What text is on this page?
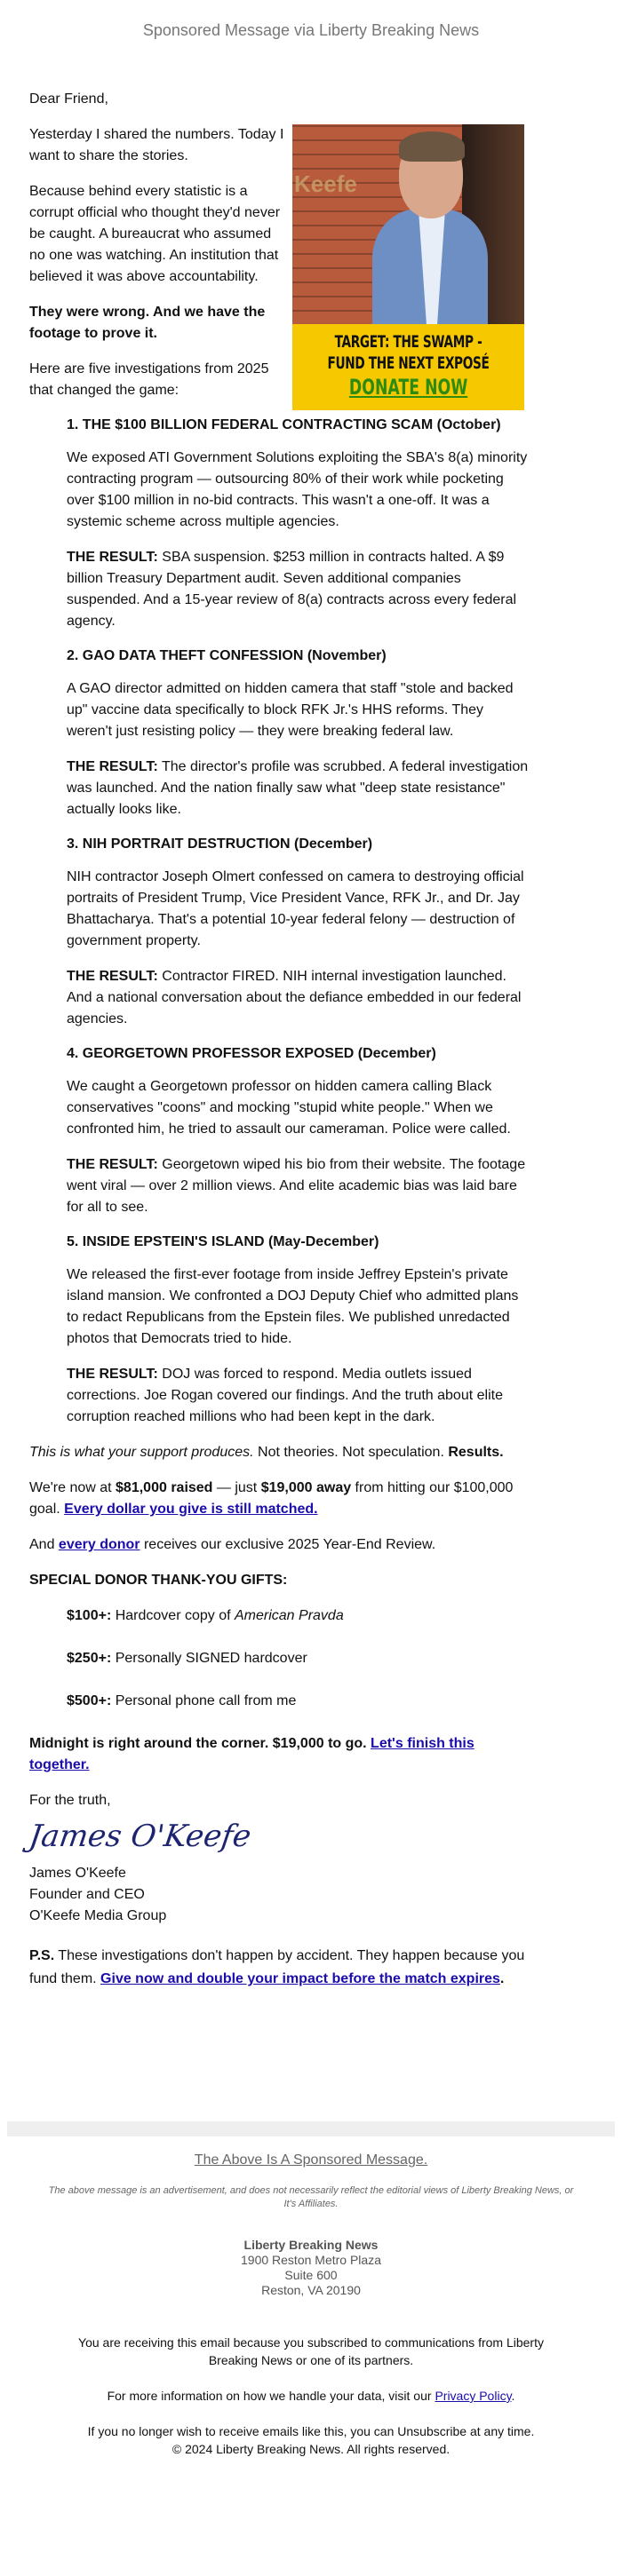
Sponsored Message via Liberty Breaking News

Dear Friend,

Keefe
TARGET: THE SWAMP - FUND THE NEXT EXPOSÉ
DONATE NOW

Yesterday I shared the numbers. Today I want to share the stories.

Because behind every statistic is a corrupt official who thought they'd never be caught. A bureaucrat who assumed no one was watching. An institution that believed it was above accountability.

They were wrong. And we have the footage to prove it.

Here are five investigations from 2025 that changed the game:

1. THE $100 BILLION FEDERAL CONTRACTING SCAM (October)

We exposed ATI Government Solutions exploiting the SBA's 8(a) minority contracting program — outsourcing 80% of their work while pocketing over $100 million in no-bid contracts. This wasn't a one-off. It was a systemic scheme across multiple agencies.

THE RESULT: SBA suspension. $253 million in contracts halted. A $9 billion Treasury Department audit. Seven additional companies suspended. And a 15-year review of 8(a) contracts across every federal agency.

2. GAO DATA THEFT CONFESSION (November)

A GAO director admitted on hidden camera that staff "stole and backed up" vaccine data specifically to block RFK Jr.'s HHS reforms. They weren't just resisting policy — they were breaking federal law.

THE RESULT: The director's profile was scrubbed. A federal investigation was launched. And the nation finally saw what "deep state resistance" actually looks like.

3. NIH PORTRAIT DESTRUCTION (December)

NIH contractor Joseph Olmert confessed on camera to destroying official portraits of President Trump, Vice President Vance, RFK Jr., and Dr. Jay Bhattacharya. That's a potential 10-year federal felony — destruction of government property.

THE RESULT: Contractor FIRED. NIH internal investigation launched. And a national conversation about the defiance embedded in our federal agencies.

4. GEORGETOWN PROFESSOR EXPOSED (December)

We caught a Georgetown professor on hidden camera calling Black conservatives "coons" and mocking "stupid white people." When we confronted him, he tried to assault our cameraman. Police were called.

THE RESULT: Georgetown wiped his bio from their website. The footage went viral — over 2 million views. And elite academic bias was laid bare for all to see.

5. INSIDE EPSTEIN'S ISLAND (May-December)

We released the first-ever footage from inside Jeffrey Epstein's private island mansion. We confronted a DOJ Deputy Chief who admitted plans to redact Republicans from the Epstein files. We published unredacted photos that Democrats tried to hide.

THE RESULT: DOJ was forced to respond. Media outlets issued corrections. Joe Rogan covered our findings. And the truth about elite corruption reached millions who had been kept in the dark.

This is what your support produces. Not theories. Not speculation. Results.

We're now at $81,000 raised — just $19,000 away from hitting our $100,000 goal. Every dollar you give is still matched.

And every donor receives our exclusive 2025 Year-End Review.

SPECIAL DONOR THANK-YOU GIFTS:

$100+: Hardcover copy of American Pravda
$250+: Personally SIGNED hardcover
$500+: Personal phone call from me

Midnight is right around the corner. $19,000 to go. Let's finish this together.

For the truth,

James O'Keefe
James O'Keefe
Founder and CEO
O'Keefe Media Group

P.S. These investigations don't happen by accident. They happen because you fund them. Give now and double your impact before the match expires.

The Above Is A Sponsored Message.
The above message is an advertisement, and does not necessarily reflect the editorial views of Liberty Breaking News, or It's Affiliates.
Liberty Breaking News
1900 Reston Metro Plaza
Suite 600
Reston, VA 20190
You are receiving this email because you subscribed to communications from Liberty Breaking News or one of its partners.
For more information on how we handle your data, visit our Privacy Policy.
If you no longer wish to receive emails like this, you can Unsubscribe at any time.
© 2024 Liberty Breaking News. All rights reserved.
